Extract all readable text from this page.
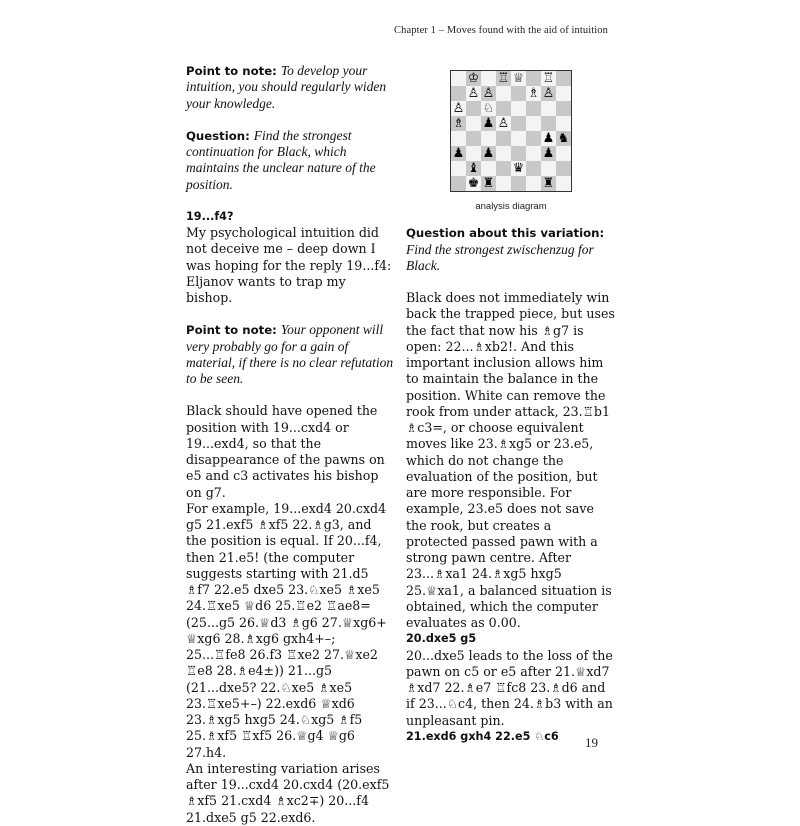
Chapter 1 – Moves found with the aid of intuition

Point to note: To develop your intuition, you should regularly widen your knowledge.

Question: Find the strongest continuation for Black, which maintains the unclear nature of the position.

19...f4?

My psychological intuition did not deceive me – deep down I was hoping for the reply 19...f4: Eljanov wants to trap my bishop.

Point to note: Your opponent will very probably go for a gain of material, if there is no clear refutation to be seen.

Black should have opened the position with 19...cxd4 or 19...exd4, so that the disappearance of the pawns on e5 and c3 activates his bishop on g7.

For example, 19...exd4 20.cxd4 g5 21.exf5 ♗xf5 22.♗g3, and the position is equal. If 20...f4, then 21.e5! (the computer suggests starting with 21.d5 ♗f7 22.e5 dxe5 23.♘xe5 ♗xe5 24.♖xe5 ♕d6 25.♖e2 ♖ae8= (25...g5 26.♕d3 ♗g6 27.♕xg6+ ♕xg6 28.♗xg6 gxh4+–; 25...♖fe8 26.f3 ♖xe2 27.♕xe2 ♖e8 28.♗e4±)) 21...g5 (21...dxe5? 22.♘xe5 ♗xe5 23.♖xe5+–) 22.exd6 ♕xd6 23.♗xg5 hxg5 24.♘xg5 ♗f5 25.♗xf5 ♖xf5 26.♕g4 ♕g6 27.h4.

An interesting variation arises after 19...cxd4 20.cxd4 (20.exf5 ♗xf5 21.cxd4 ♗xc2∓) 20...f4 21.dxe5 g5 22.exd6.

♔ ♖ ♕ ♖
♙ ♙	♗ ♙
♙ ♘
♗ ♟ ♙
♟ ♞
♟ ♟	♟
♝	♛
♚ ♜	♜
analysis diagram

Question about this variation:
Find the strongest zwischenzug for Black.

Black does not immediately win back the trapped piece, but uses the fact that now his ♗g7 is open: 22...♗xb2!. And this important inclusion allows him to maintain the balance in the position. White can remove the rook from under attack, 23.♖b1 ♗c3=, or choose equivalent moves like 23.♗xg5 or 23.e5, which do not change the evaluation of the position, but are more responsible. For example, 23.e5 does not save the rook, but creates a protected passed pawn with a strong pawn centre. After 23...♗xa1 24.♗xg5 hxg5 25.♕xa1, a balanced situation is obtained, which the computer evaluates as 0.00.

20.dxe5 g5

20...dxe5 leads to the loss of the pawn on c5 or e5 after 21.♕xd7 ♗xd7 22.♗e7 ♖fc8 23.♗d6 and if 23...♘c4, then 24.♗b3 with an unpleasant pin.

21.exd6 gxh4 22.e5 ♘c6	19
